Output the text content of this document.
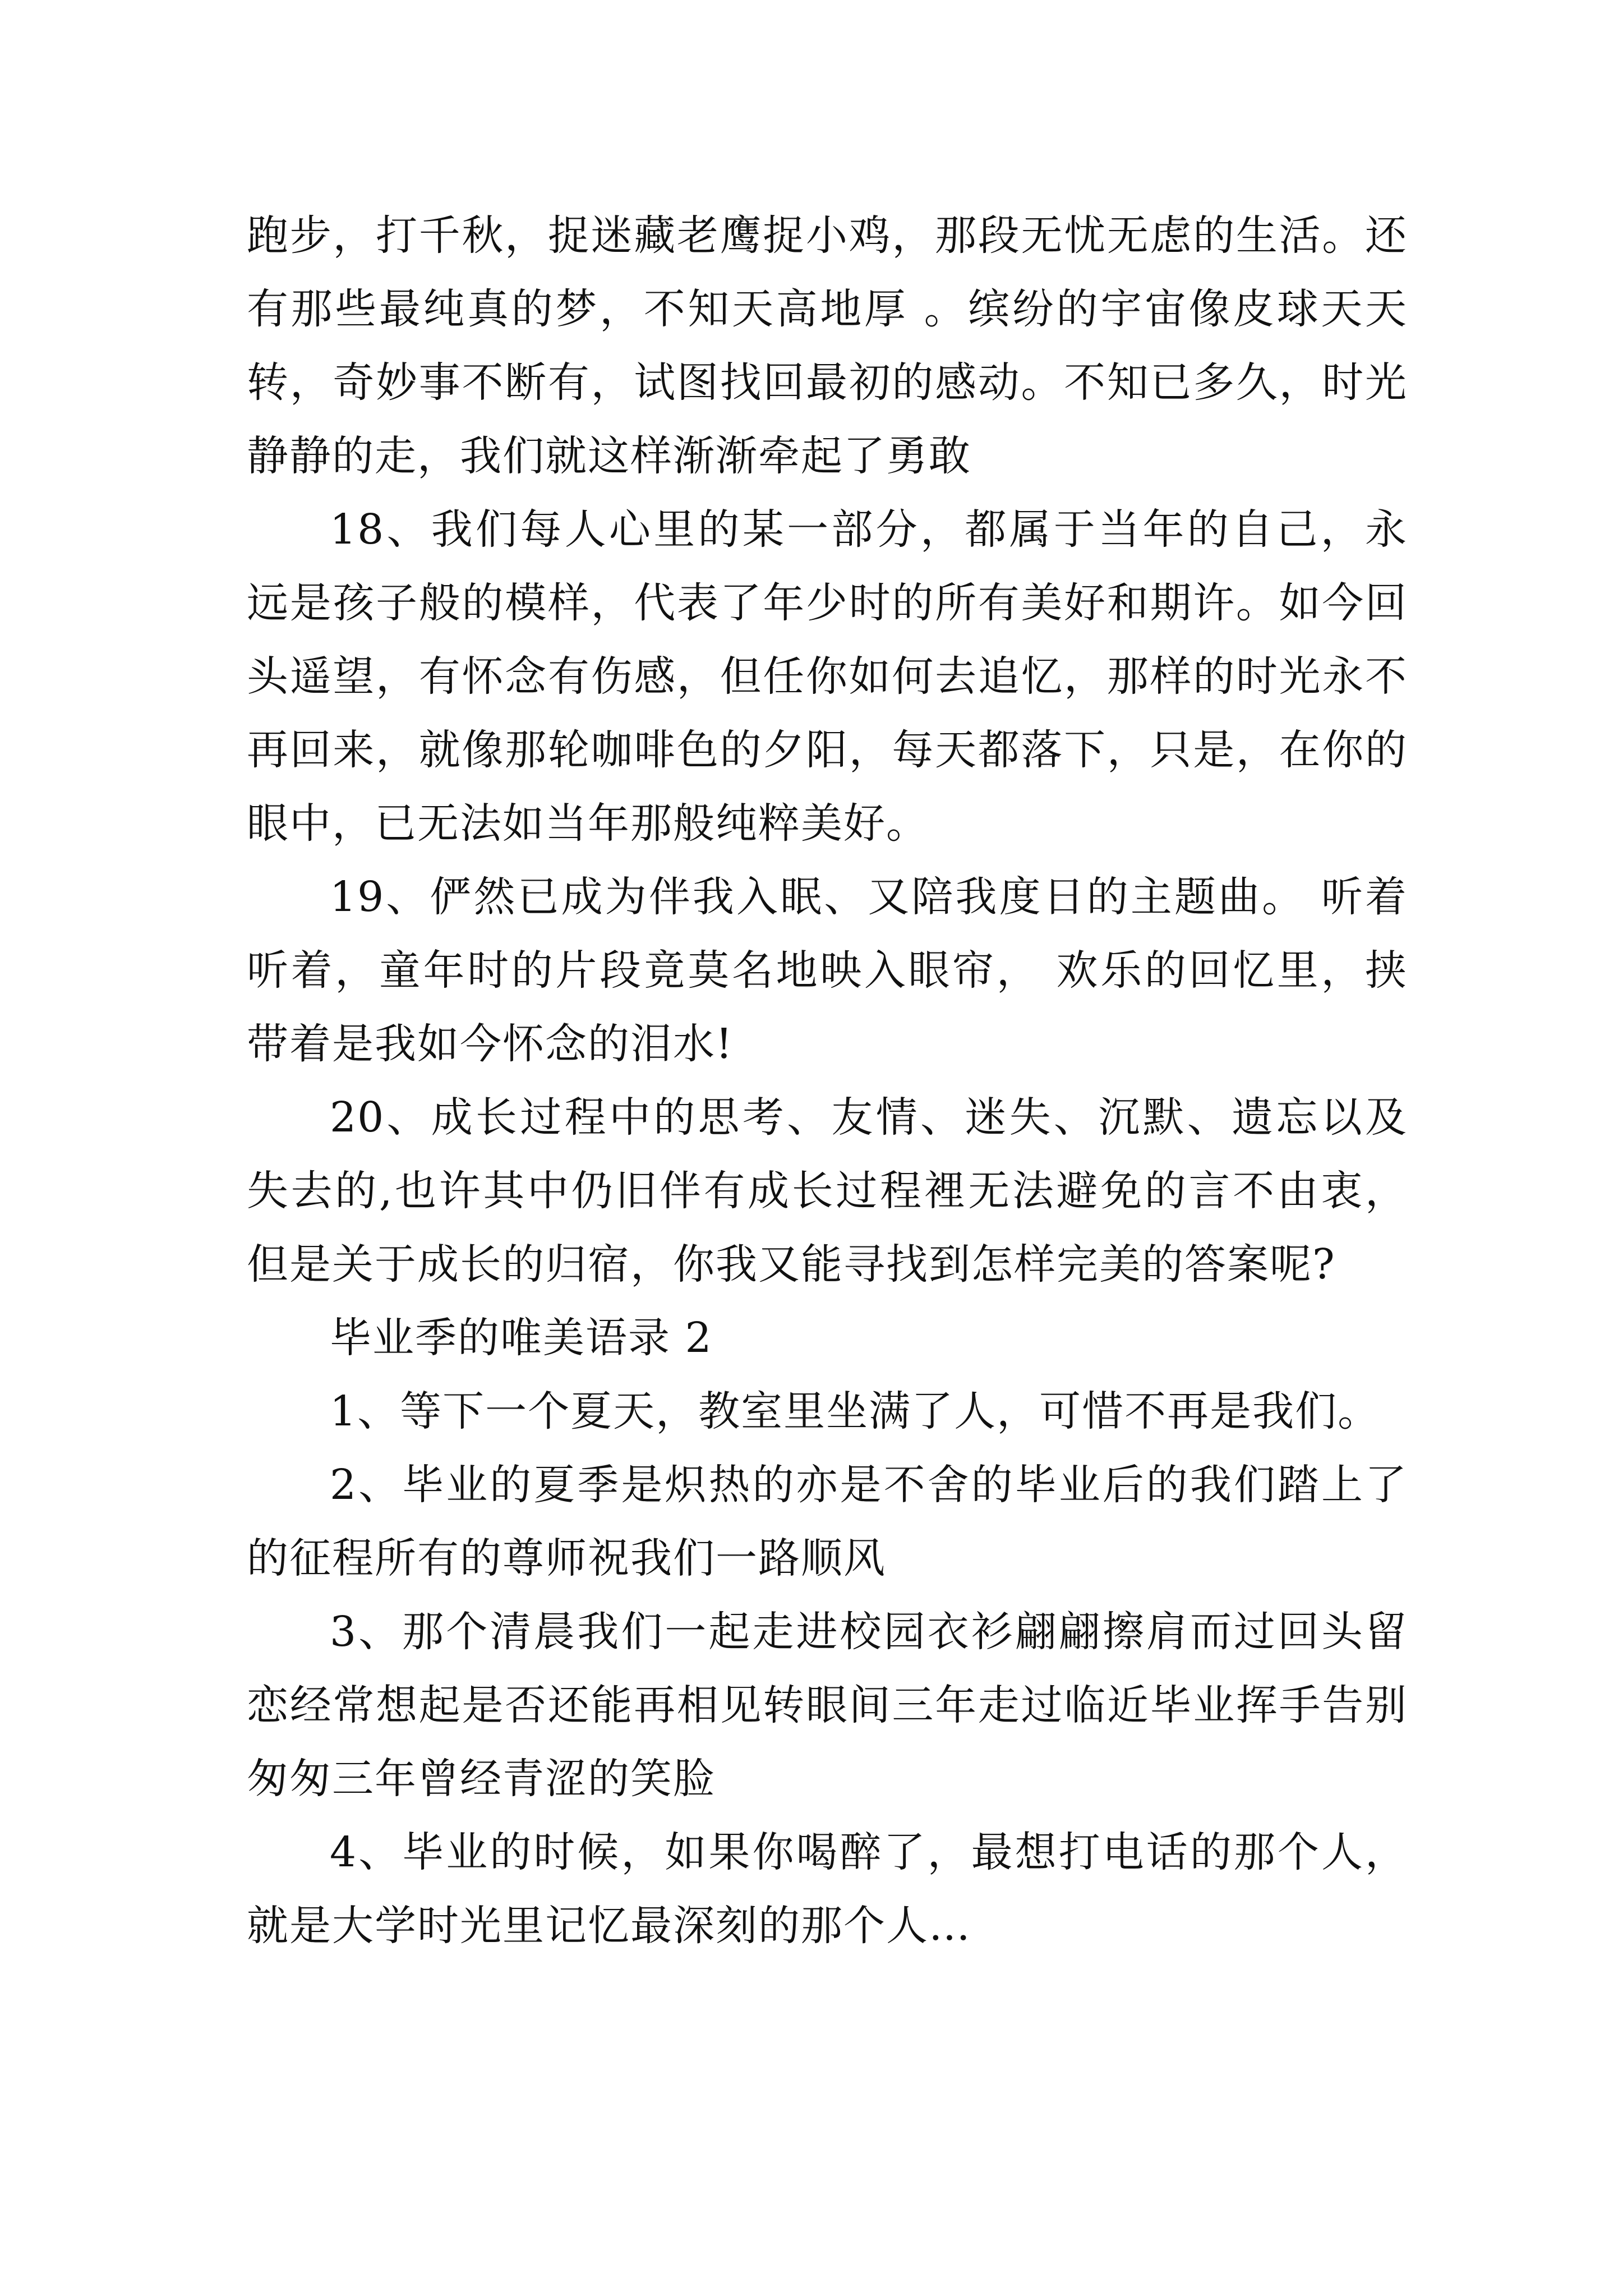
跑步，打千秋，捉迷藏老鹰捉小鸡，那段无忧无虑的生活。还有那些最纯真的梦，不知天高地厚 。缤纷的宇宙像皮球天天转，奇妙事不断有，试图找回最初的感动。不知已多久，时光静静的走，我们就这样渐渐牵起了勇敢

18、我们每人心里的某一部分，都属于当年的自己，永远是孩子般的模样，代表了年少时的所有美好和期许。如今回头遥望，有怀念有伤感，但任你如何去追忆，那样的时光永不再回来，就像那轮咖啡色的夕阳，每天都落下，只是，在你的眼中，已无法如当年那般纯粹美好。

19、俨然已成为伴我入眠、又陪我度日的主题曲。 听着听着，童年时的片段竟莫名地映入眼帘， 欢乐的回忆里，挟带着是我如今怀念的泪水!

20、成长过程中的思考、友情、迷失、沉默、遗忘以及失去的,也许其中仍旧伴有成长过程裡无法避免的言不由衷，但是关于成长的归宿，你我又能寻找到怎样完美的答案呢?

毕业季的唯美语录 2

1、等下一个夏天，教室里坐满了人，可惜不再是我们。

2、毕业的夏季是炽热的亦是不舍的毕业后的我们踏上了的征程所有的尊师祝我们一路顺风

3、那个清晨我们一起走进校园衣衫翩翩擦肩而过回头留恋经常想起是否还能再相见转眼间三年走过临近毕业挥手告别匆匆三年曾经青涩的笑脸

4、毕业的时候，如果你喝醉了，最想打电话的那个人，就是大学时光里记忆最深刻的那个人…
